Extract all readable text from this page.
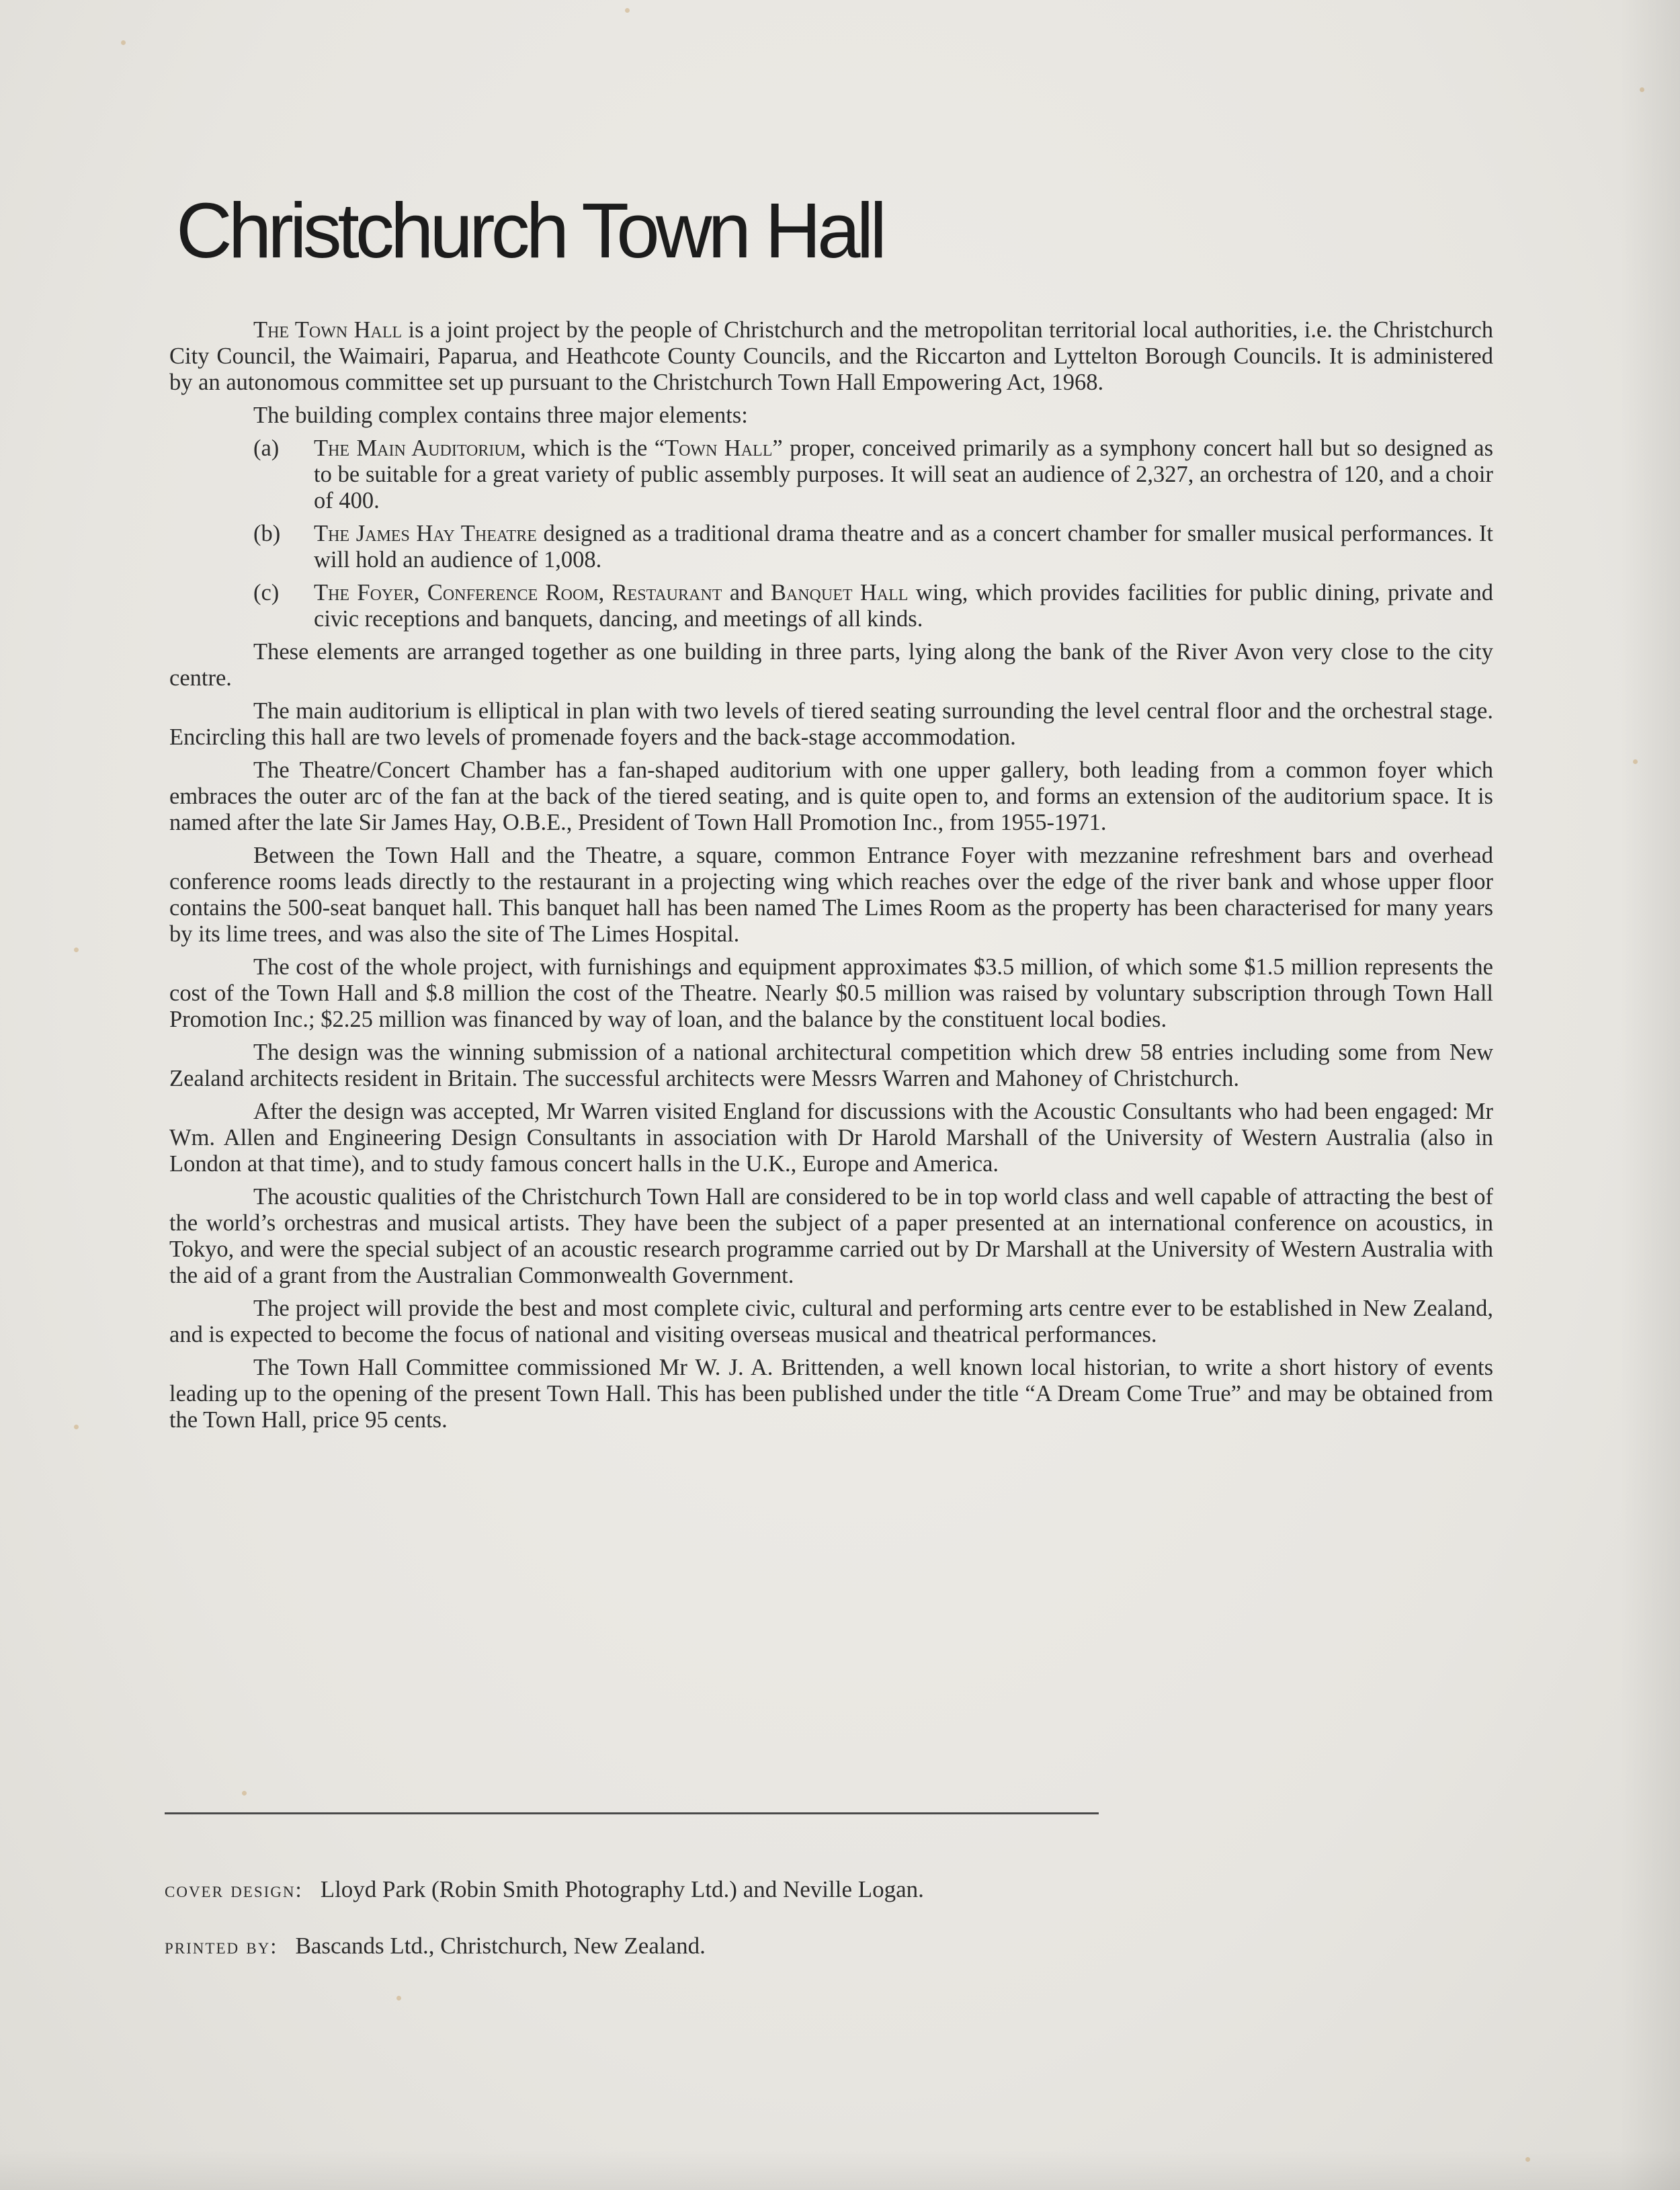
Christchurch Town Hall

The Town Hall is a joint project by the people of Christchurch and the metropolitan territorial local authorities, i.e. the Christchurch City Council, the Waimairi, Paparua, and Heathcote County Councils, and the Riccarton and Lyttelton Borough Councils. It is administered by an autonomous committee set up pursuant to the Christchurch Town Hall Empowering Act, 1968.

The building complex contains three major elements:

(a)	The Main Auditorium, which is the “Town Hall” proper, conceived primarily as a symphony concert hall but so designed as to be suitable for a great variety of public assembly purposes. It will seat an audience of 2,327, an orchestra of 120, and a choir of 400.
(b)	The James Hay Theatre designed as a traditional drama theatre and as a concert chamber for smaller musical performances. It will hold an audience of 1,008.
(c)	The Foyer, Conference Room, Restaurant and Banquet Hall wing, which provides facilities for public dining, private and civic receptions and banquets, dancing, and meetings of all kinds.

These elements are arranged together as one building in three parts, lying along the bank of the River Avon very close to the city centre.

The main auditorium is elliptical in plan with two levels of tiered seating surrounding the level central floor and the orchestral stage. Encircling this hall are two levels of promenade foyers and the back-stage accommodation.

The Theatre/Concert Chamber has a fan-shaped auditorium with one upper gallery, both leading from a common foyer which embraces the outer arc of the fan at the back of the tiered seating, and is quite open to, and forms an extension of the auditorium space. It is named after the late Sir James Hay, O.B.E., President of Town Hall Promotion Inc., from 1955-1971.

Between the Town Hall and the Theatre, a square, common Entrance Foyer with mezzanine refreshment bars and overhead conference rooms leads directly to the restaurant in a projecting wing which reaches over the edge of the river bank and whose upper floor contains the 500-seat banquet hall. This banquet hall has been named The Limes Room as the property has been characterised for many years by its lime trees, and was also the site of The Limes Hospital.

The cost of the whole project, with furnishings and equipment approximates $3.5 million, of which some $1.5 million represents the cost of the Town Hall and $.8 million the cost of the Theatre. Nearly $0.5 million was raised by voluntary subscription through Town Hall Promotion Inc.; $2.25 million was financed by way of loan, and the balance by the constituent local bodies.

The design was the winning submission of a national architectural competition which drew 58 entries including some from New Zealand architects resident in Britain. The successful architects were Messrs Warren and Mahoney of Christchurch.

After the design was accepted, Mr Warren visited England for discussions with the Acoustic Consultants who had been engaged: Mr Wm. Allen and Engineering Design Consultants in association with Dr Harold Marshall of the University of Western Australia (also in London at that time), and to study famous concert halls in the U.K., Europe and America.

The acoustic qualities of the Christchurch Town Hall are considered to be in top world class and well capable of attracting the best of the world’s orchestras and musical artists. They have been the subject of a paper presented at an international conference on acoustics, in Tokyo, and were the special subject of an acoustic research programme carried out by Dr Marshall at the University of Western Australia with the aid of a grant from the Australian Commonwealth Government.

The project will provide the best and most complete civic, cultural and performing arts centre ever to be established in New Zealand, and is expected to become the focus of national and visiting overseas musical and theatrical performances.

The Town Hall Committee commissioned Mr W. J. A. Brittenden, a well known local historian, to write a short history of events leading up to the opening of the present Town Hall. This has been published under the title “A Dream Come True” and may be obtained from the Town Hall, price 95 cents.

cover design: Lloyd Park (Robin Smith Photography Ltd.) and Neville Logan.
printed by: Bascands Ltd., Christchurch, New Zealand.
